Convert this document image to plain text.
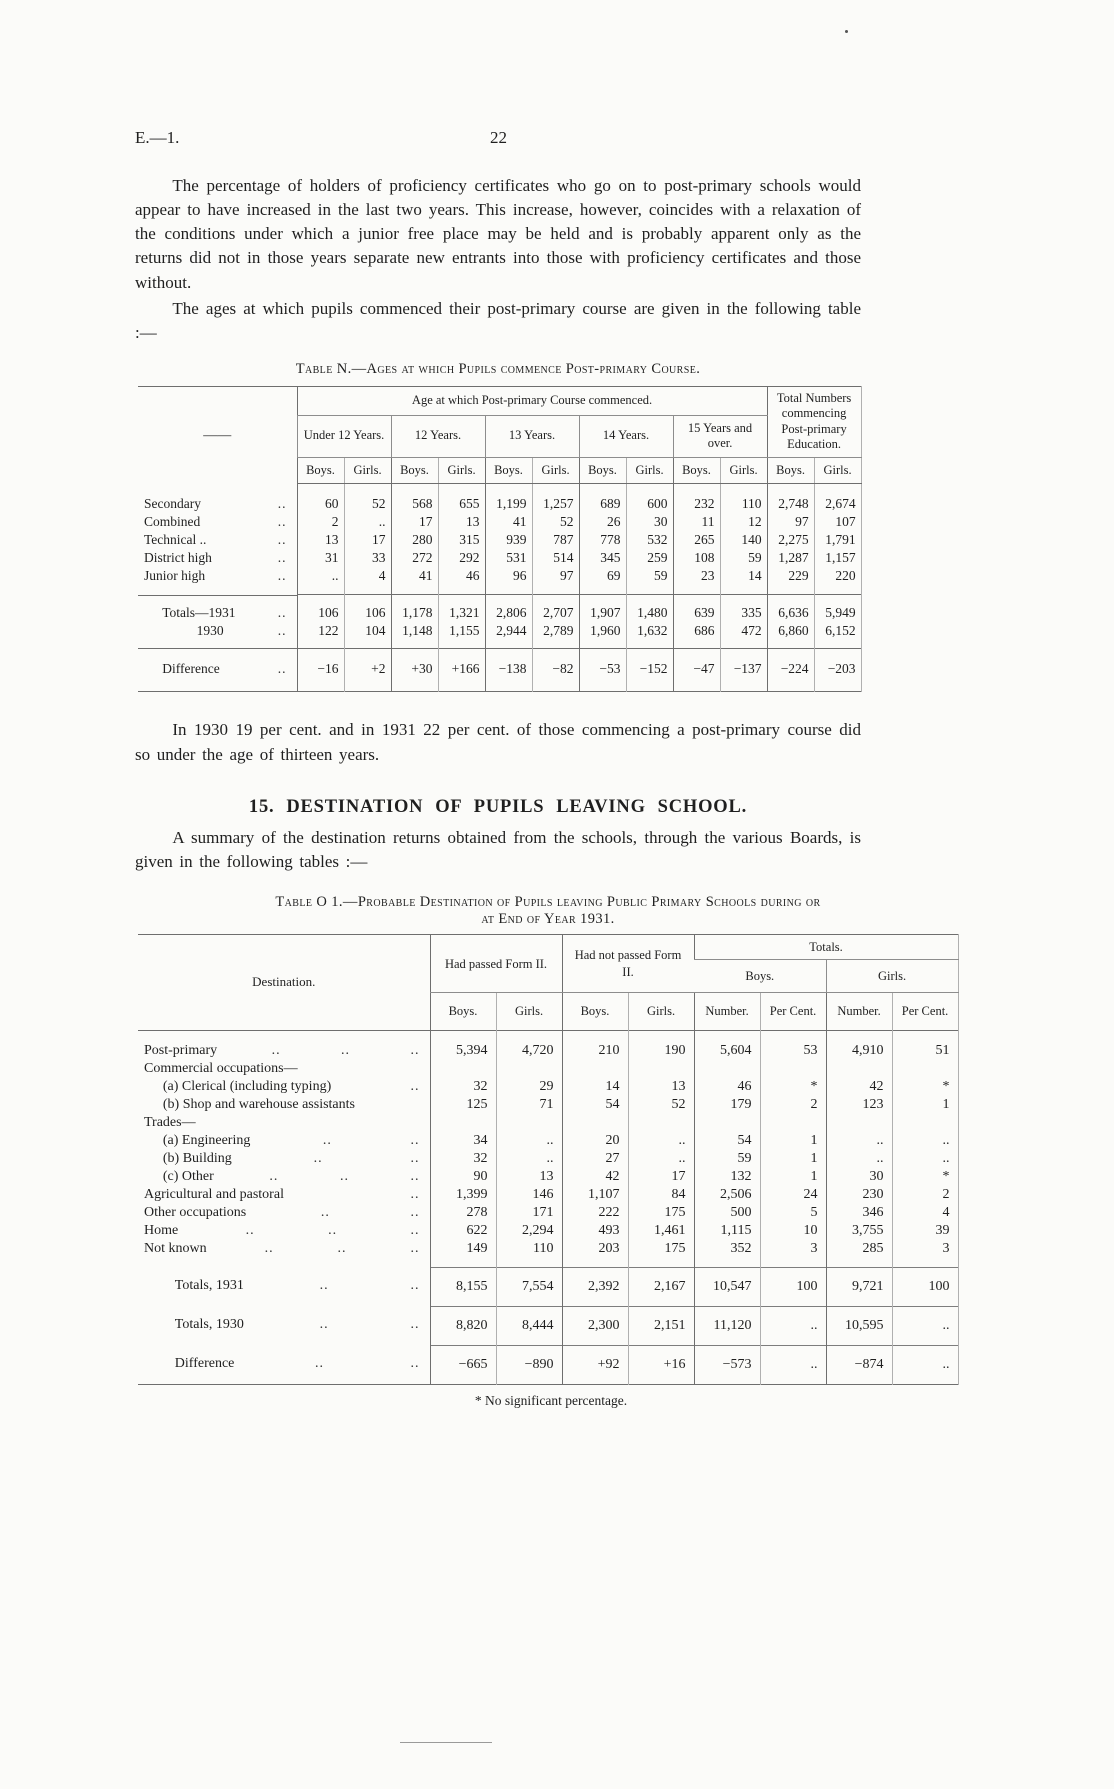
E.—1.	22

The percentage of holders of proficiency certificates who go on to post-primary schools would appear to have increased in the last two years. This increase, however, coincides with a relaxation of the conditions under which a junior free place may be held and is probably apparent only as the returns did not in those years separate new entrants into those with proficiency certificates and those without.

The ages at which pupils commenced their post-primary course are given in the following table :—

Table N.—Ages at which Pupils commence Post-primary Course.

——	Age at which Post-primary Course commenced.										Total Numbers commencing Post-primary Education.	
	Under 12 Years.		12 Years.		13 Years.		14 Years.		15 Years and over.			
	Boys.	Girls.	Boys.	Girls.	Boys.	Girls.	Boys.	Girls.	Boys.	Girls.	Boys.	Girls.

Secondary	..	60	52	568	655	1,199	1,257	689	600	232	110	2,748	2,674

Combined	..	2	..	17	13	41	52	26	30	11	12	97	107

Technical ..	..	13	17	280	315	939	787	778	532	265	140	2,275	1,791

District high	..	31	33	272	292	531	514	345	259	108	59	1,287	1,157

Junior high	..	..	4	41	46	96	97	69	59	23	14	229	220

Totals—1931	..	106	106	1,178	1,321	2,806	2,707	1,907	1,480	639	335	6,636	5,949

1930	..	122	104	1,148	1,155	2,944	2,789	1,960	1,632	686	472	6,860	6,152

Difference	..	−16	+2	+30	+166	−138	−82	−53	−152	−47	−137	−224	−203

In 1930 19 per cent. and in 1931 22 per cent. of those commencing a post-primary course did so under the age of thirteen years.

15. DESTINATION OF PUPILS LEAVING SCHOOL.

A summary of the destination returns obtained from the schools, through the various Boards, is given in the following tables :—

Table O 1.—Probable Destination of Pupils leaving Public Primary Schools during or

at End of Year 1931.

Destination.	Had passed Form II.		Had not passed Form II.		Totals.			
					Boys.		Girls.	
	Boys.	Girls.	Boys.	Girls.	Number.	Per Cent.	Number.	Per Cent.

Post-primary	..	..	..	5,394	4,720	210	190	5,604	53	4,910	51

Commercial occupations—

(a) Clerical (including typing)	..	32	29	14	13	46	*	42	*

(b) Shop and warehouse assistants	125	71	54	52	179	2	123	1

Trades—

(a) Engineering	..	..	34	..	20	..	54	1	..	..

(b) Building	..	..	32	..	27	..	59	1	..	..

(c) Other	..	..	..	90	13	42	17	132	1	30	*

Agricultural and pastoral	..	1,399	146	1,107	84	2,506	24	230	2

Other occupations	..	..	278	171	222	175	500	5	346	4

Home	..	..	..	622	2,294	493	1,461	1,115	10	3,755	39

Not known	..	..	..	149	110	203	175	352	3	285	3

Totals, 1931	..	..	8,155	7,554	2,392	2,167	10,547	100	9,721	100

Totals, 1930	..	..	8,820	8,444	2,300	2,151	11,120	..	10,595	..

Difference	..	..	−665	−890	+92	+16	−573	..	−874	..

* No significant percentage.
